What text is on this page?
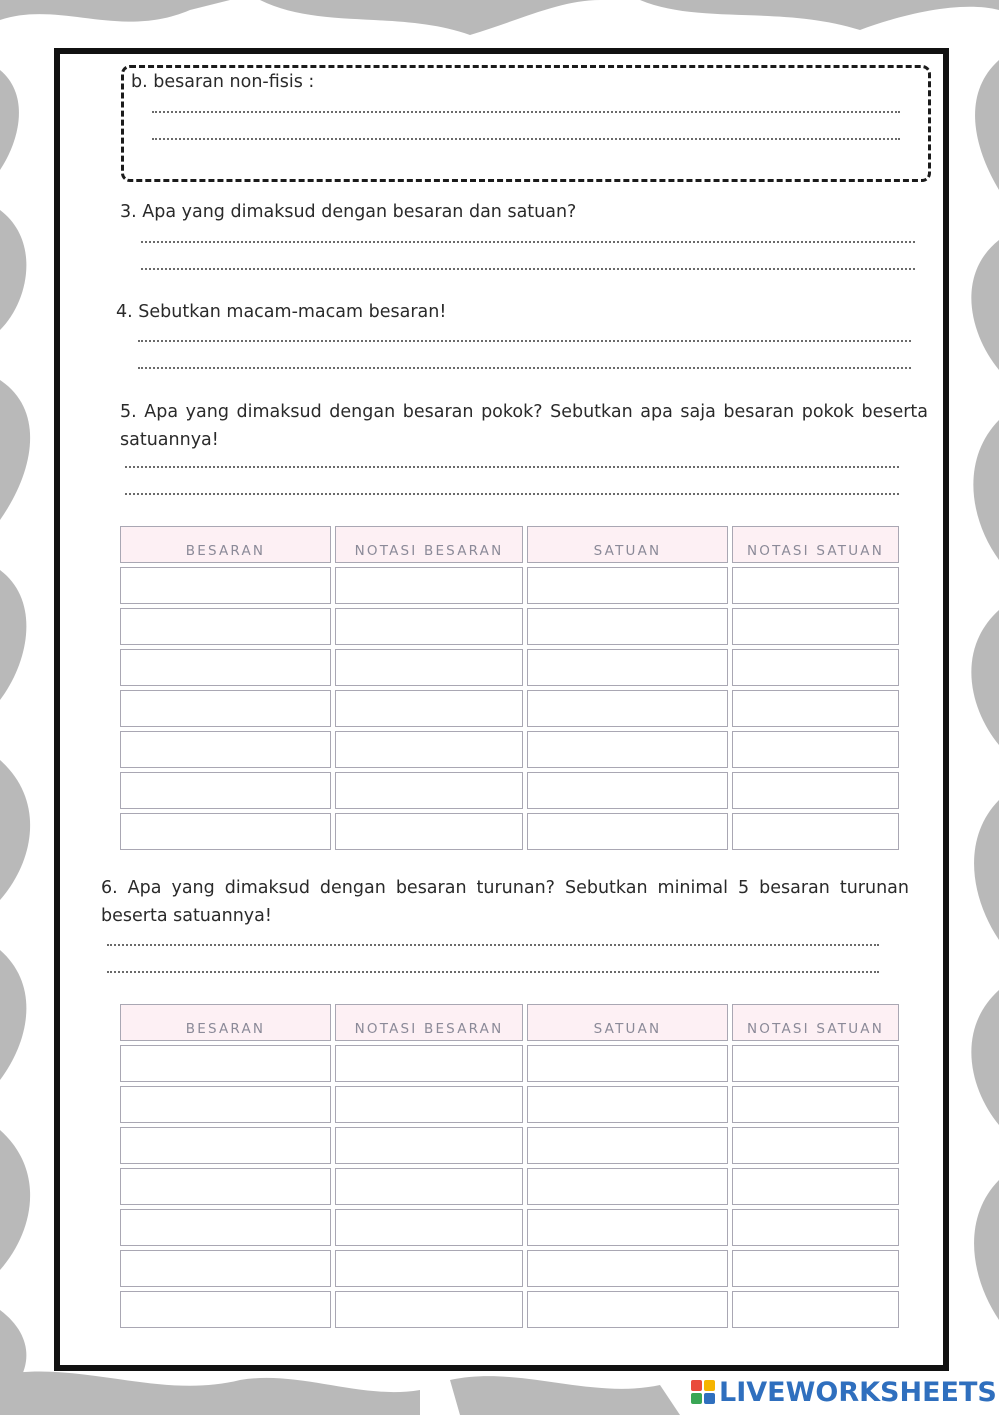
b. besaran non-fisis :
3. Apa yang dimaksud dengan besaran dan satuan?
4. Sebutkan macam-macam besaran!
5. Apa yang dimaksud dengan besaran pokok? Sebutkan apa saja besaran pokok beserta satuannya!
BESARAN	NOTASI BESARAN	SATUAN	NOTASI SATUAN

6. Apa yang dimaksud dengan besaran turunan? Sebutkan minimal 5 besaran turunan beserta satuannya!
BESARAN	NOTASI BESARAN	SATUAN	NOTASI SATUAN

LIVEWORKSHEETS
